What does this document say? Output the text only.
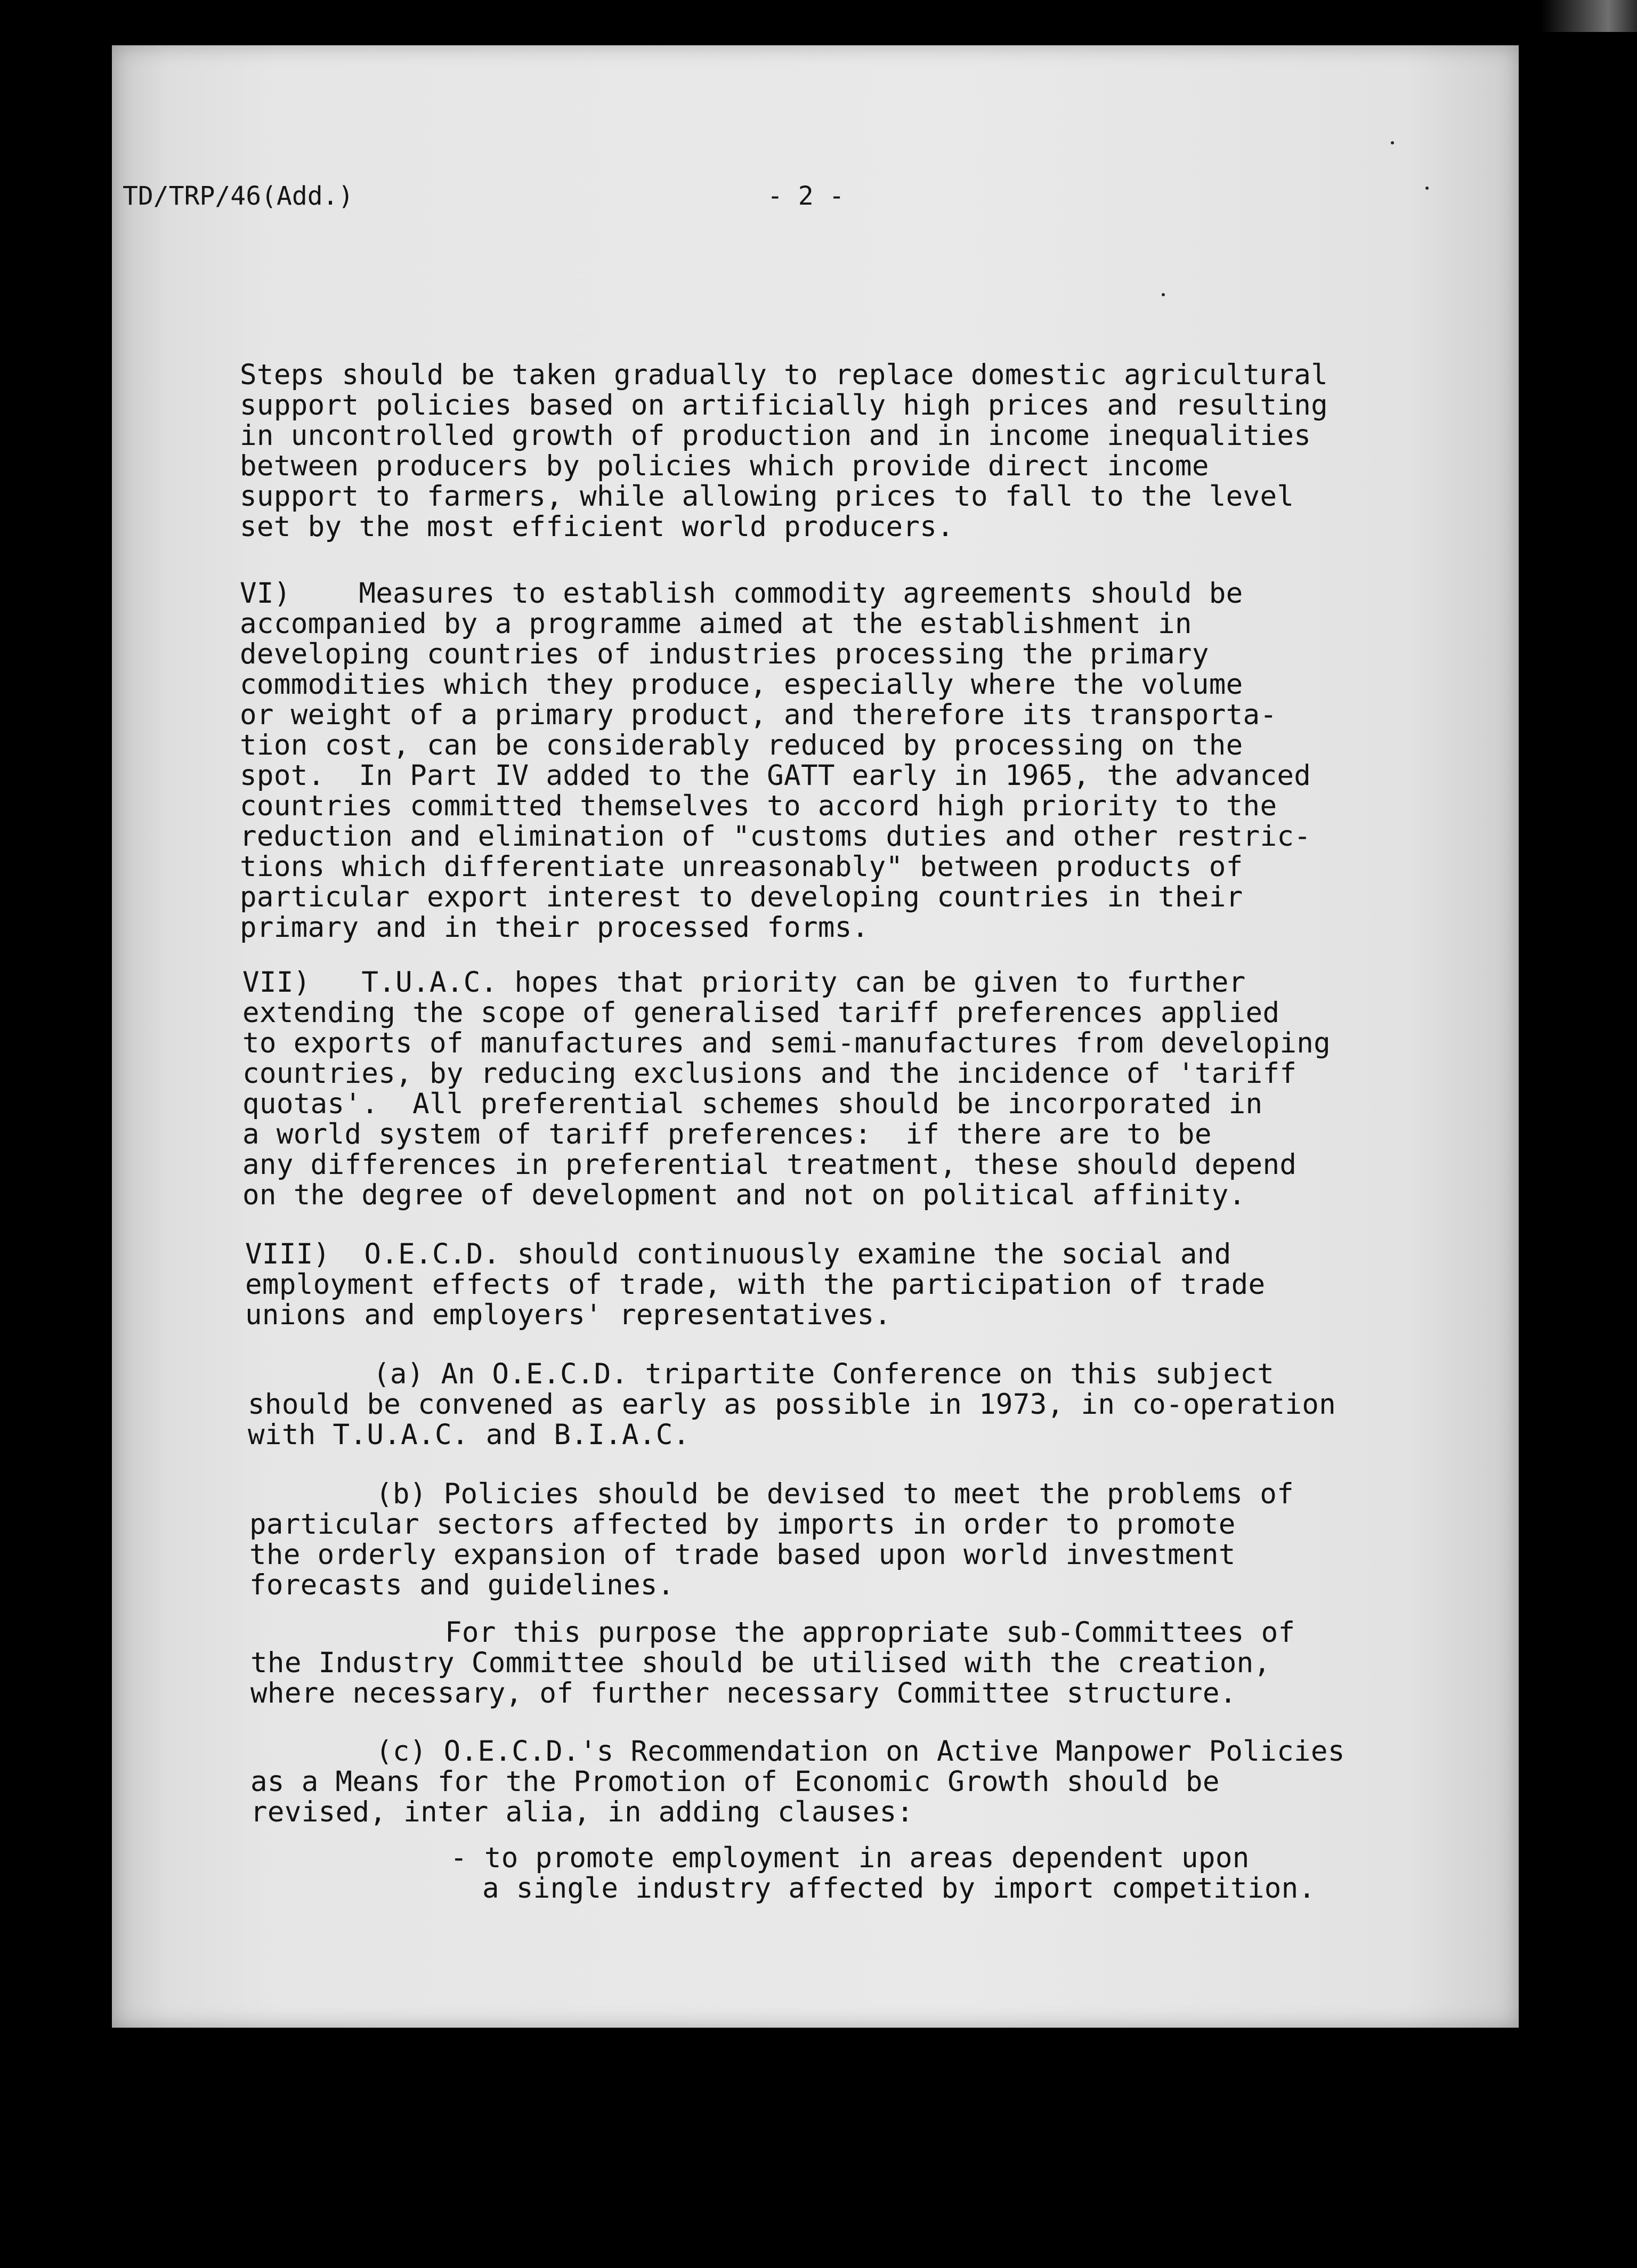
TD/TRP/46(Add.)	- 2 -
Steps should be taken gradually to replace domestic agricultural
support policies based on artificially high prices and resulting
in uncontrolled growth of production and in income inequalities
between producers by policies which provide direct income
support to farmers, while allowing prices to fall to the level
set by the most efficient world producers.
VI)    Measures to establish commodity agreements should be
accompanied by a programme aimed at the establishment in
developing countries of industries processing the primary
commodities which they produce, especially where the volume
or weight of a primary product, and therefore its transporta-
tion cost, can be considerably reduced by processing on the
spot.  In Part IV added to the GATT early in 1965, the advanced
countries committed themselves to accord high priority to the
reduction and elimination of "customs duties and other restric-
tions which differentiate unreasonably" between products of
particular export interest to developing countries in their
primary and in their processed forms.
VII)   T.U.A.C. hopes that priority can be given to further
extending the scope of generalised tariff preferences applied
to exports of manufactures and semi-manufactures from developing
countries, by reducing exclusions and the incidence of 'tariff
quotas'.  All preferential schemes should be incorporated in
a world system of tariff preferences:  if there are to be
any differences in preferential treatment, these should depend
on the degree of development and not on political affinity.
VIII)  O.E.C.D. should continuously examine the social and
employment effects of trade, with the participation of trade
unions and employers' representatives.
(a) An O.E.C.D. tripartite Conference on this subject
should be convened as early as possible in 1973, in co-operation
with T.U.A.C. and B.I.A.C.
(b) Policies should be devised to meet the problems of
particular sectors affected by imports in order to promote
the orderly expansion of trade based upon world investment
forecasts and guidelines.
For this purpose the appropriate sub-Committees of
the Industry Committee should be utilised with the creation,
where necessary, of further necessary Committee structure.
(c) O.E.C.D.'s Recommendation on Active Manpower Policies
as a Means for the Promotion of Economic Growth should be
revised, inter alia, in adding clauses:
- to promote employment in areas dependent upon
a single industry affected by import competition.
